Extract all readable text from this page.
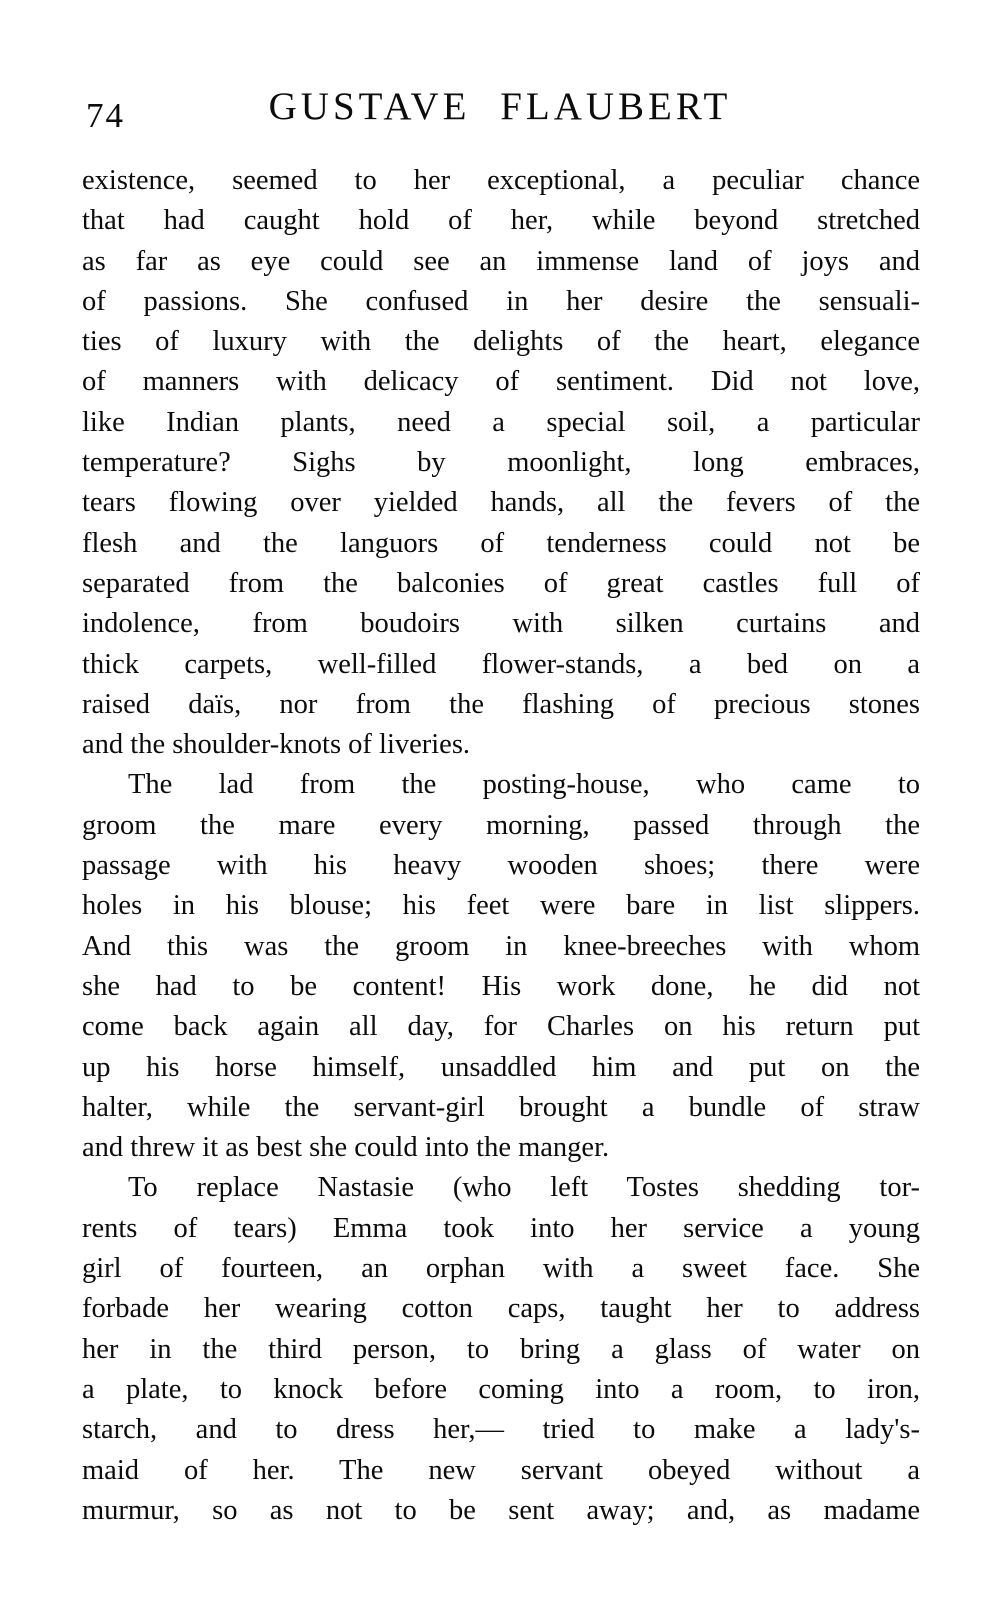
74	GUSTAVE FLAUBERT
existence, seemed to her exceptional, a peculiar chance
that had caught hold of her, while beyond stretched
as far as eye could see an immense land of joys and
of passions. She confused in her desire the sensuali-
ties of luxury with the delights of the heart, elegance
of manners with delicacy of sentiment. Did not love,
like Indian plants, need a special soil, a particular
temperature? Sighs by moonlight, long embraces,
tears flowing over yielded hands, all the fevers of the
flesh and the languors of tenderness could not be
separated from the balconies of great castles full of
indolence, from boudoirs with silken curtains and
thick carpets, well-filled flower-stands, a bed on a
raised daïs, nor from the flashing of precious stones
and the shoulder-knots of liveries.
The lad from the posting-house, who came to
groom the mare every morning, passed through the
passage with his heavy wooden shoes; there were
holes in his blouse; his feet were bare in list slippers.
And this was the groom in knee-breeches with whom
she had to be content! His work done, he did not
come back again all day, for Charles on his return put
up his horse himself, unsaddled him and put on the
halter, while the servant-girl brought a bundle of straw
and threw it as best she could into the manger.
To replace Nastasie (who left Tostes shedding tor-
rents of tears) Emma took into her service a young
girl of fourteen, an orphan with a sweet face. She
forbade her wearing cotton caps, taught her to address
her in the third person, to bring a glass of water on
a plate, to knock before coming into a room, to iron,
starch, and to dress her,— tried to make a lady's-
maid of her. The new servant obeyed without a
murmur, so as not to be sent away; and, as madame
